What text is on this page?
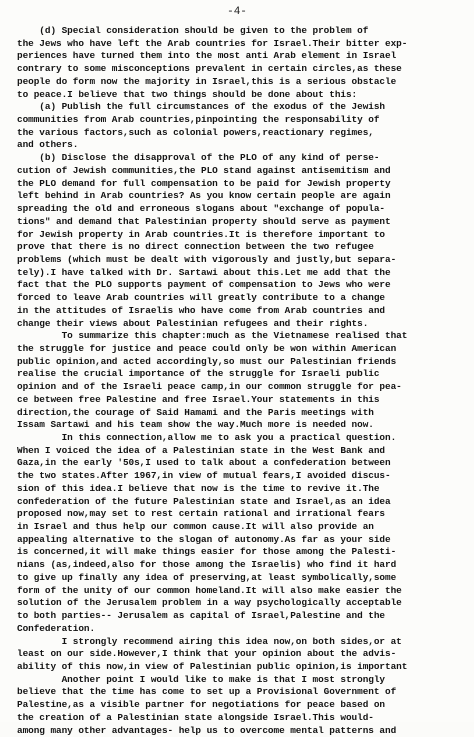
-4-
(d) Special consideration should be given to the problem of
the Jews who have left the Arab countries for Israel.Their bitter exp-
periences have turned them into the most anti Arab element in Israel
contrary to some misconceptions prevalent in certain circles,as these
people do form now the majority in Israel,this is a serious obstacle
to peace.I believe that two things should be done about this:
(a) Publish the full circumstances of the exodus of the Jewish
communities from Arab countries,pinpointing the responsability of
the various factors,such as colonial powers,reactionary regimes,
and others.
(b) Disclose the disapproval of the PLO of any kind of perse-
cution of Jewish communities,the PLO stand against antisemitism and
the PLO demand for full compensation to be paid for Jewish property
left behind in Arab countries? As you know certain people are again
spreading the old and erroneous slogans about "exchange of popula-
tions" and demand that Palestinian property should serve as payment
for Jewish property in Arab countries.It is therefore important to
prove that there is no direct connection between the two refugee
problems (which must be dealt with vigorously and justly,but separa-
tely).I have talked with Dr. Sartawi about this.Let me add that the
fact that the PLO supports payment of compensation to Jews who were
forced to leave Arab countries will greatly contribute to a change
in the attitudes of Israelis who have come from Arab countries and
change their views about Palestinian refugees and their rights.
To summarize this chapter:much as the Vietnamese realised that
the struggle for justice and peace could only be won within American
public opinion,and acted accordingly,so must our Palestinian friends
realise the crucial importance of the struggle for Israeli public
opinion and of the Israeli peace camp,in our common struggle for pea-
ce between free Palestine and free Israel.Your statements in this
direction,the courage of Said Hamami and the Paris meetings with
Issam Sartawi and his team show the way.Much more is needed now.
In this connection,allow me to ask you a practical question.
When I voiced the idea of a Palestinian state in the West Bank and
Gaza,in the early '50s,I used to talk about a confederation between
the two states.After 1967,in view of mutual fears,I avoided discus-
sion of this idea.I believe that now is the time to revive it.The
confederation of the future Palestinian state and Israel,as an idea
proposed now,may set to rest certain rational and irrational fears
in Israel and thus help our common cause.It will also provide an
appealing alternative to the slogan of autonomy.As far as your side
is concerned,it will make things easier for those among the Palesti-
nians (as,indeed,also for those among the Israelis) who find it hard
to give up finally any idea of preserving,at least symbolically,some
form of the unity of our common homeland.It will also make easier the
solution of the Jerusalem problem in a way psychologically acceptable
to both parties-- Jerusalem as capital of Israel,Palestine and the
Confederation.
I strongly recommend airing this idea now,on both sides,or at
least on our side.However,I think that your opinion about the advis-
ability of this now,in view of Palestinian public opinion,is important
Another point I would like to make is that I most strongly
believe that the time has come to set up a Provisional Government of
Palestine,as a visible partner for negotiations for peace based on
the creation of a Palestinian state alongside Israel.This would-
among many other advantages- help us to overcome mental patterns and
